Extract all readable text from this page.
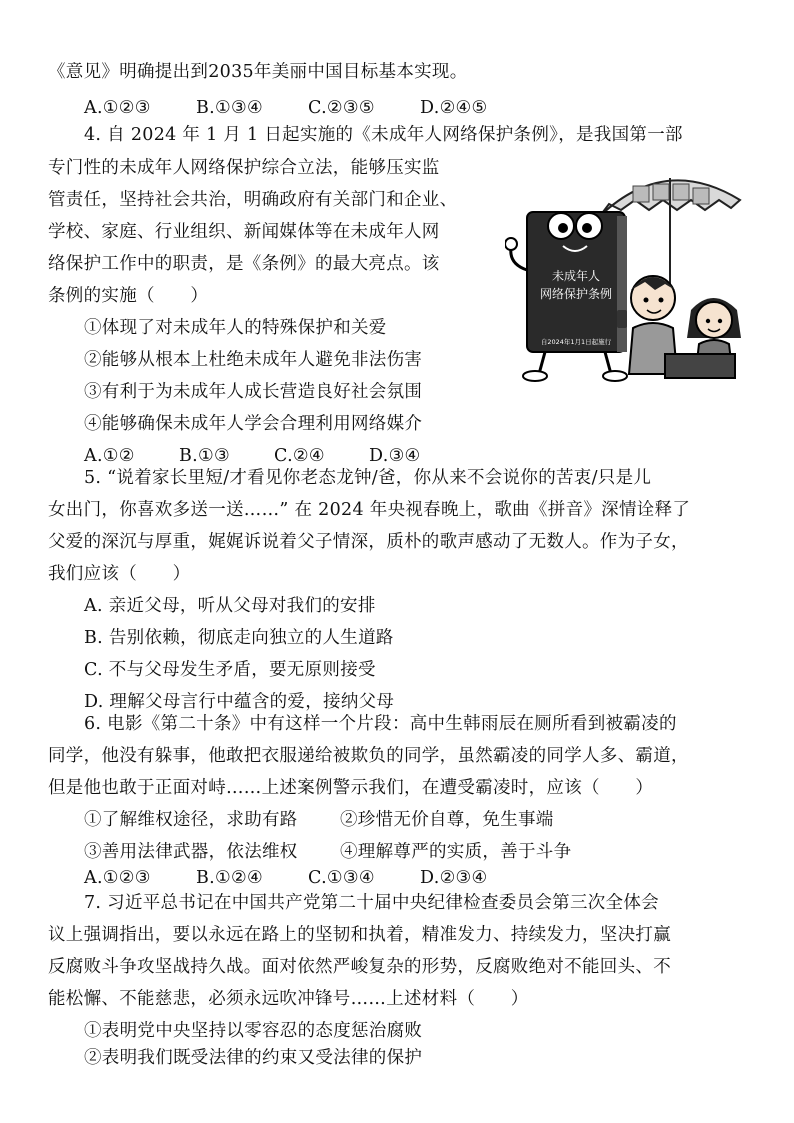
《意见》明确提出到2035年美丽中国目标基本实现。
A.①②③	B.①③④	C.②③⑤	D.②④⑤
4. 自 2024 年 1 月 1 日起实施的《未成年人网络保护条例》，是我国第一部
专门性的未成年人网络保护综合立法，能够压实监
管责任，坚持社会共治，明确政府有关部门和企业、
学校、家庭、行业组织、新闻媒体等在未成年人网
络保护工作中的职责，是《条例》的最大亮点。该
条例的实施（　　）
①体现了对未成年人的特殊保护和关爱
②能够从根本上杜绝未成年人避免非法伤害
③有利于为未成年人成长营造良好社会氛围
④能够确保未成年人学会合理利用网络媒介
A.①②	B.①③	C.②④	D.③④
未成年人
网络保护条例
自2024年1月1日起施行
5. “说着家长里短/才看见你老态龙钟/爸，你从来不会说你的苦衷/只是儿
女出门，你喜欢多送一送……” 在 2024 年央视春晚上，歌曲《拼音》深情诠释了
父爱的深沉与厚重，娓娓诉说着父子情深，质朴的歌声感动了无数人。作为子女，
我们应该（　　）
A. 亲近父母，听从父母对我们的安排
B. 告别依赖，彻底走向独立的人生道路
C. 不与父母发生矛盾，要无原则接受
D. 理解父母言行中蕴含的爱，接纳父母
6. 电影《第二十条》中有这样一个片段：高中生韩雨辰在厕所看到被霸凌的
同学，他没有躲事，他敢把衣服递给被欺负的同学，虽然霸凌的同学人多、霸道，
但是他也敢于正面对峙……上述案例警示我们，在遭受霸凌时，应该（　　）
①了解维权途径，求助有路 ②珍惜无价自尊，免生事端
③善用法律武器，依法维权 ④理解尊严的实质，善于斗争
A.①②③	B.①②④	C.①③④	D.②③④
7. 习近平总书记在中国共产党第二十届中央纪律检查委员会第三次全体会
议上强调指出，要以永远在路上的坚韧和执着，精准发力、持续发力，坚决打赢
反腐败斗争攻坚战持久战。面对依然严峻复杂的形势，反腐败绝对不能回头、不
能松懈、不能慈悲，必须永远吹冲锋号……上述材料（　　）
①表明党中央坚持以零容忍的态度惩治腐败
②表明我们既受法律的约束又受法律的保护
